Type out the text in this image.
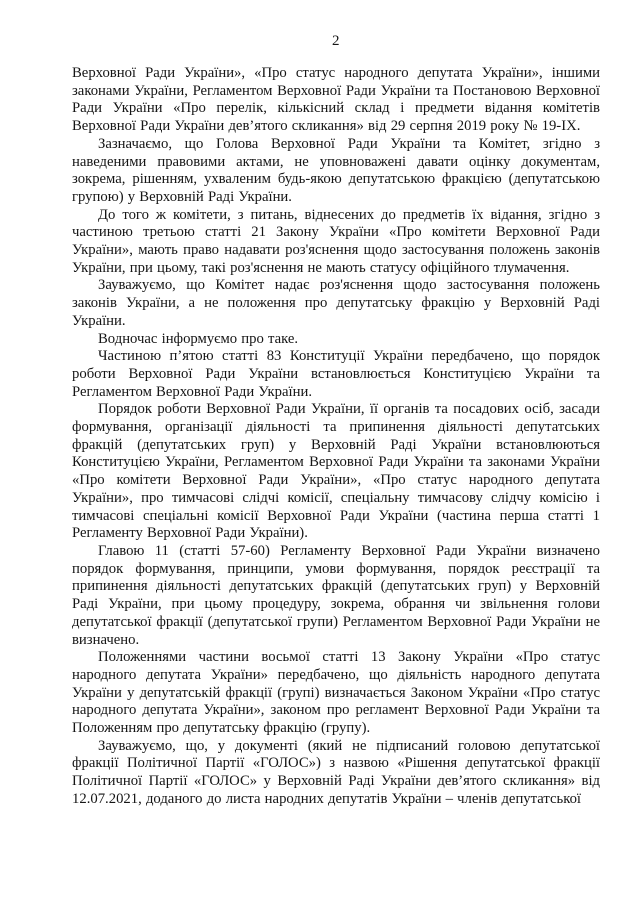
2

Верховної Ради України», «Про статус народного депутата України», іншими законами України, Регламентом Верховної Ради України та Постановою Верховної Ради України «Про перелік, кількісний склад і предмети відання комітетів Верховної Ради України дев’ятого скликання» від 29 серпня 2019 року № 19-ІХ.

Зазначаємо, що Голова Верховної Ради України та Комітет, згідно з наведеними правовими актами, не уповноважені давати оцінку документам, зокрема, рішенням, ухваленим будь-якою депутатською фракцією (депутатською групою) у Верховній Раді України.

До того ж комітети, з питань, віднесених до предметів їх відання, згідно з частиною третьою статті 21 Закону України «Про комітети Верховної Ради України», мають право надавати роз'яснення щодо застосування положень законів України, при цьому, такі роз'яснення не мають статусу офіційного тлумачення.

Зауважуємо, що Комітет надає роз'яснення щодо застосування положень законів України, а не положення про депутатську фракцію у Верховній Раді України.

Водночас інформуємо про таке.

Частиною п’ятою статті 83 Конституції України передбачено, що порядок роботи Верховної Ради України встановлюється Конституцією України та Регламентом Верховної Ради України.

Порядок роботи Верховної Ради України, її органів та посадових осіб, засади формування, організації діяльності та припинення діяльності депутатських фракцій (депутатських груп) у Верховній Раді України встановлюються Конституцією України, Регламентом Верховної Ради України та законами України «Про комітети Верховної Ради України», «Про статус народного депутата України», про тимчасові слідчі комісії, спеціальну тимчасову слідчу комісію і тимчасові спеціальні комісії Верховної Ради України (частина перша статті 1 Регламенту Верховної Ради України).

Главою 11 (статті 57-60) Регламенту Верховної Ради України визначено порядок формування, принципи, умови формування, порядок реєстрації та припинення діяльності депутатських фракцій (депутатських груп) у Верховній Раді України, при цьому процедуру, зокрема, обрання чи звільнення голови депутатської фракції (депутатської групи) Регламентом Верховної Ради України не визначено.

Положеннями частини восьмої статті 13 Закону України «Про статус народного депутата України» передбачено, що діяльність народного депутата України у депутатській фракції (групі) визначається Законом України «Про статус народного депутата України», законом про регламент Верховної Ради України та Положенням про депутатську фракцію (групу).

Зауважуємо, що, у документі (який не підписаний головою депутатської фракції Політичної Партії «ГОЛОС») з назвою «Рішення депутатської фракції Політичної Партії «ГОЛОС» у Верховній Раді України дев’ятого скликання» від 12.07.2021, доданого до листа народних депутатів України – членів депутатської
